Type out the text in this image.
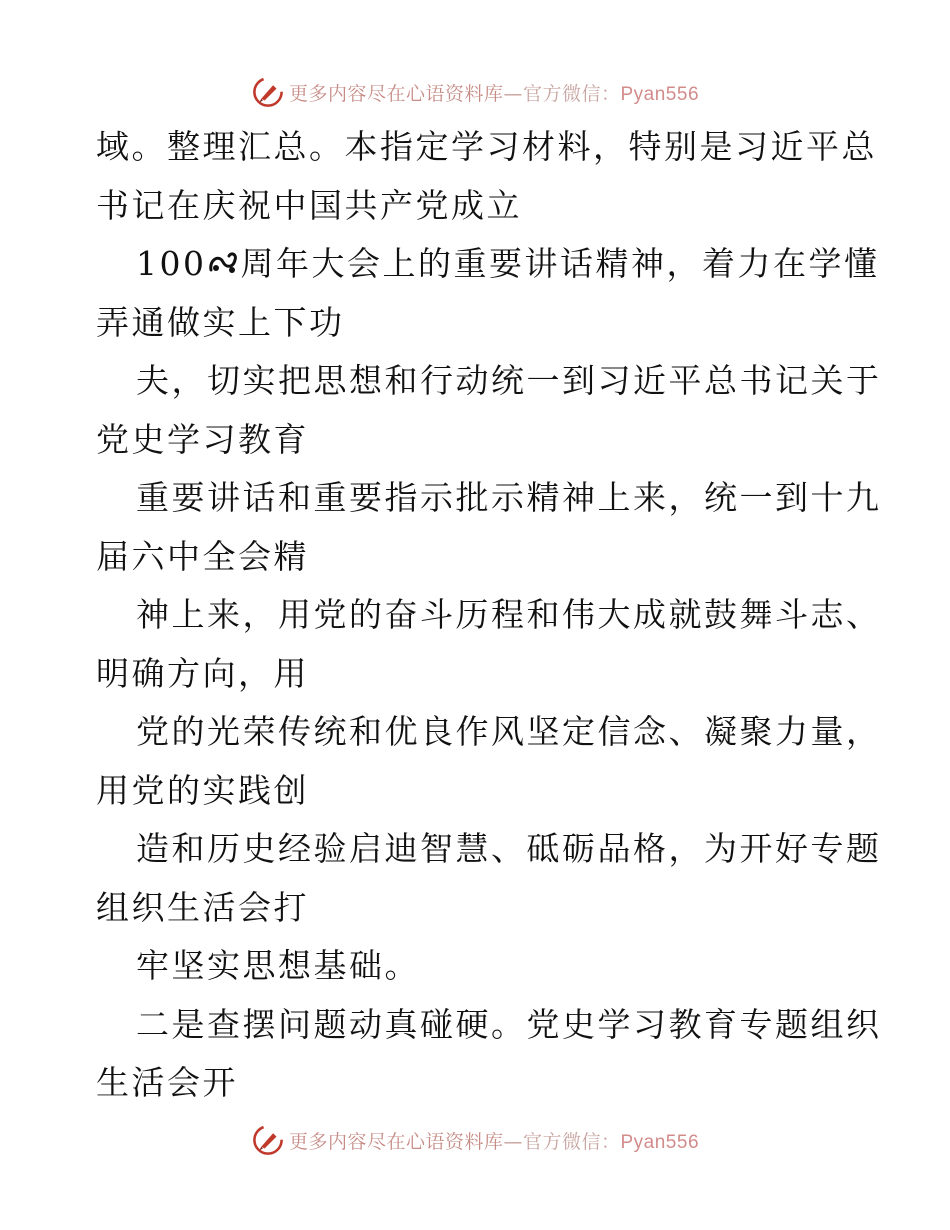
更多内容尽在心语资料库—官方微信：Pyan556
域。整理汇总。本指定学习材料，特别是习近平总
书记在庆祝中国共产党成立
100 周年大会上的重要讲话精神，着力在学懂
弄通做实上下功
夫，切实把思想和行动统一到习近平总书记关于
党史学习教育
重要讲话和重要指示批示精神上来，统一到十九
届六中全会精
神上来，用党的奋斗历程和伟大成就鼓舞斗志、
明确方向，用
党的光荣传统和优良作风坚定信念、凝聚力量，
用党的实践创
造和历史经验启迪智慧、砥砺品格，为开好专题
组织生活会打
牢坚实思想基础。
二是查摆问题动真碰硬。党史学习教育专题组织
生活会开
更多内容尽在心语资料库—官方微信：Pyan556
